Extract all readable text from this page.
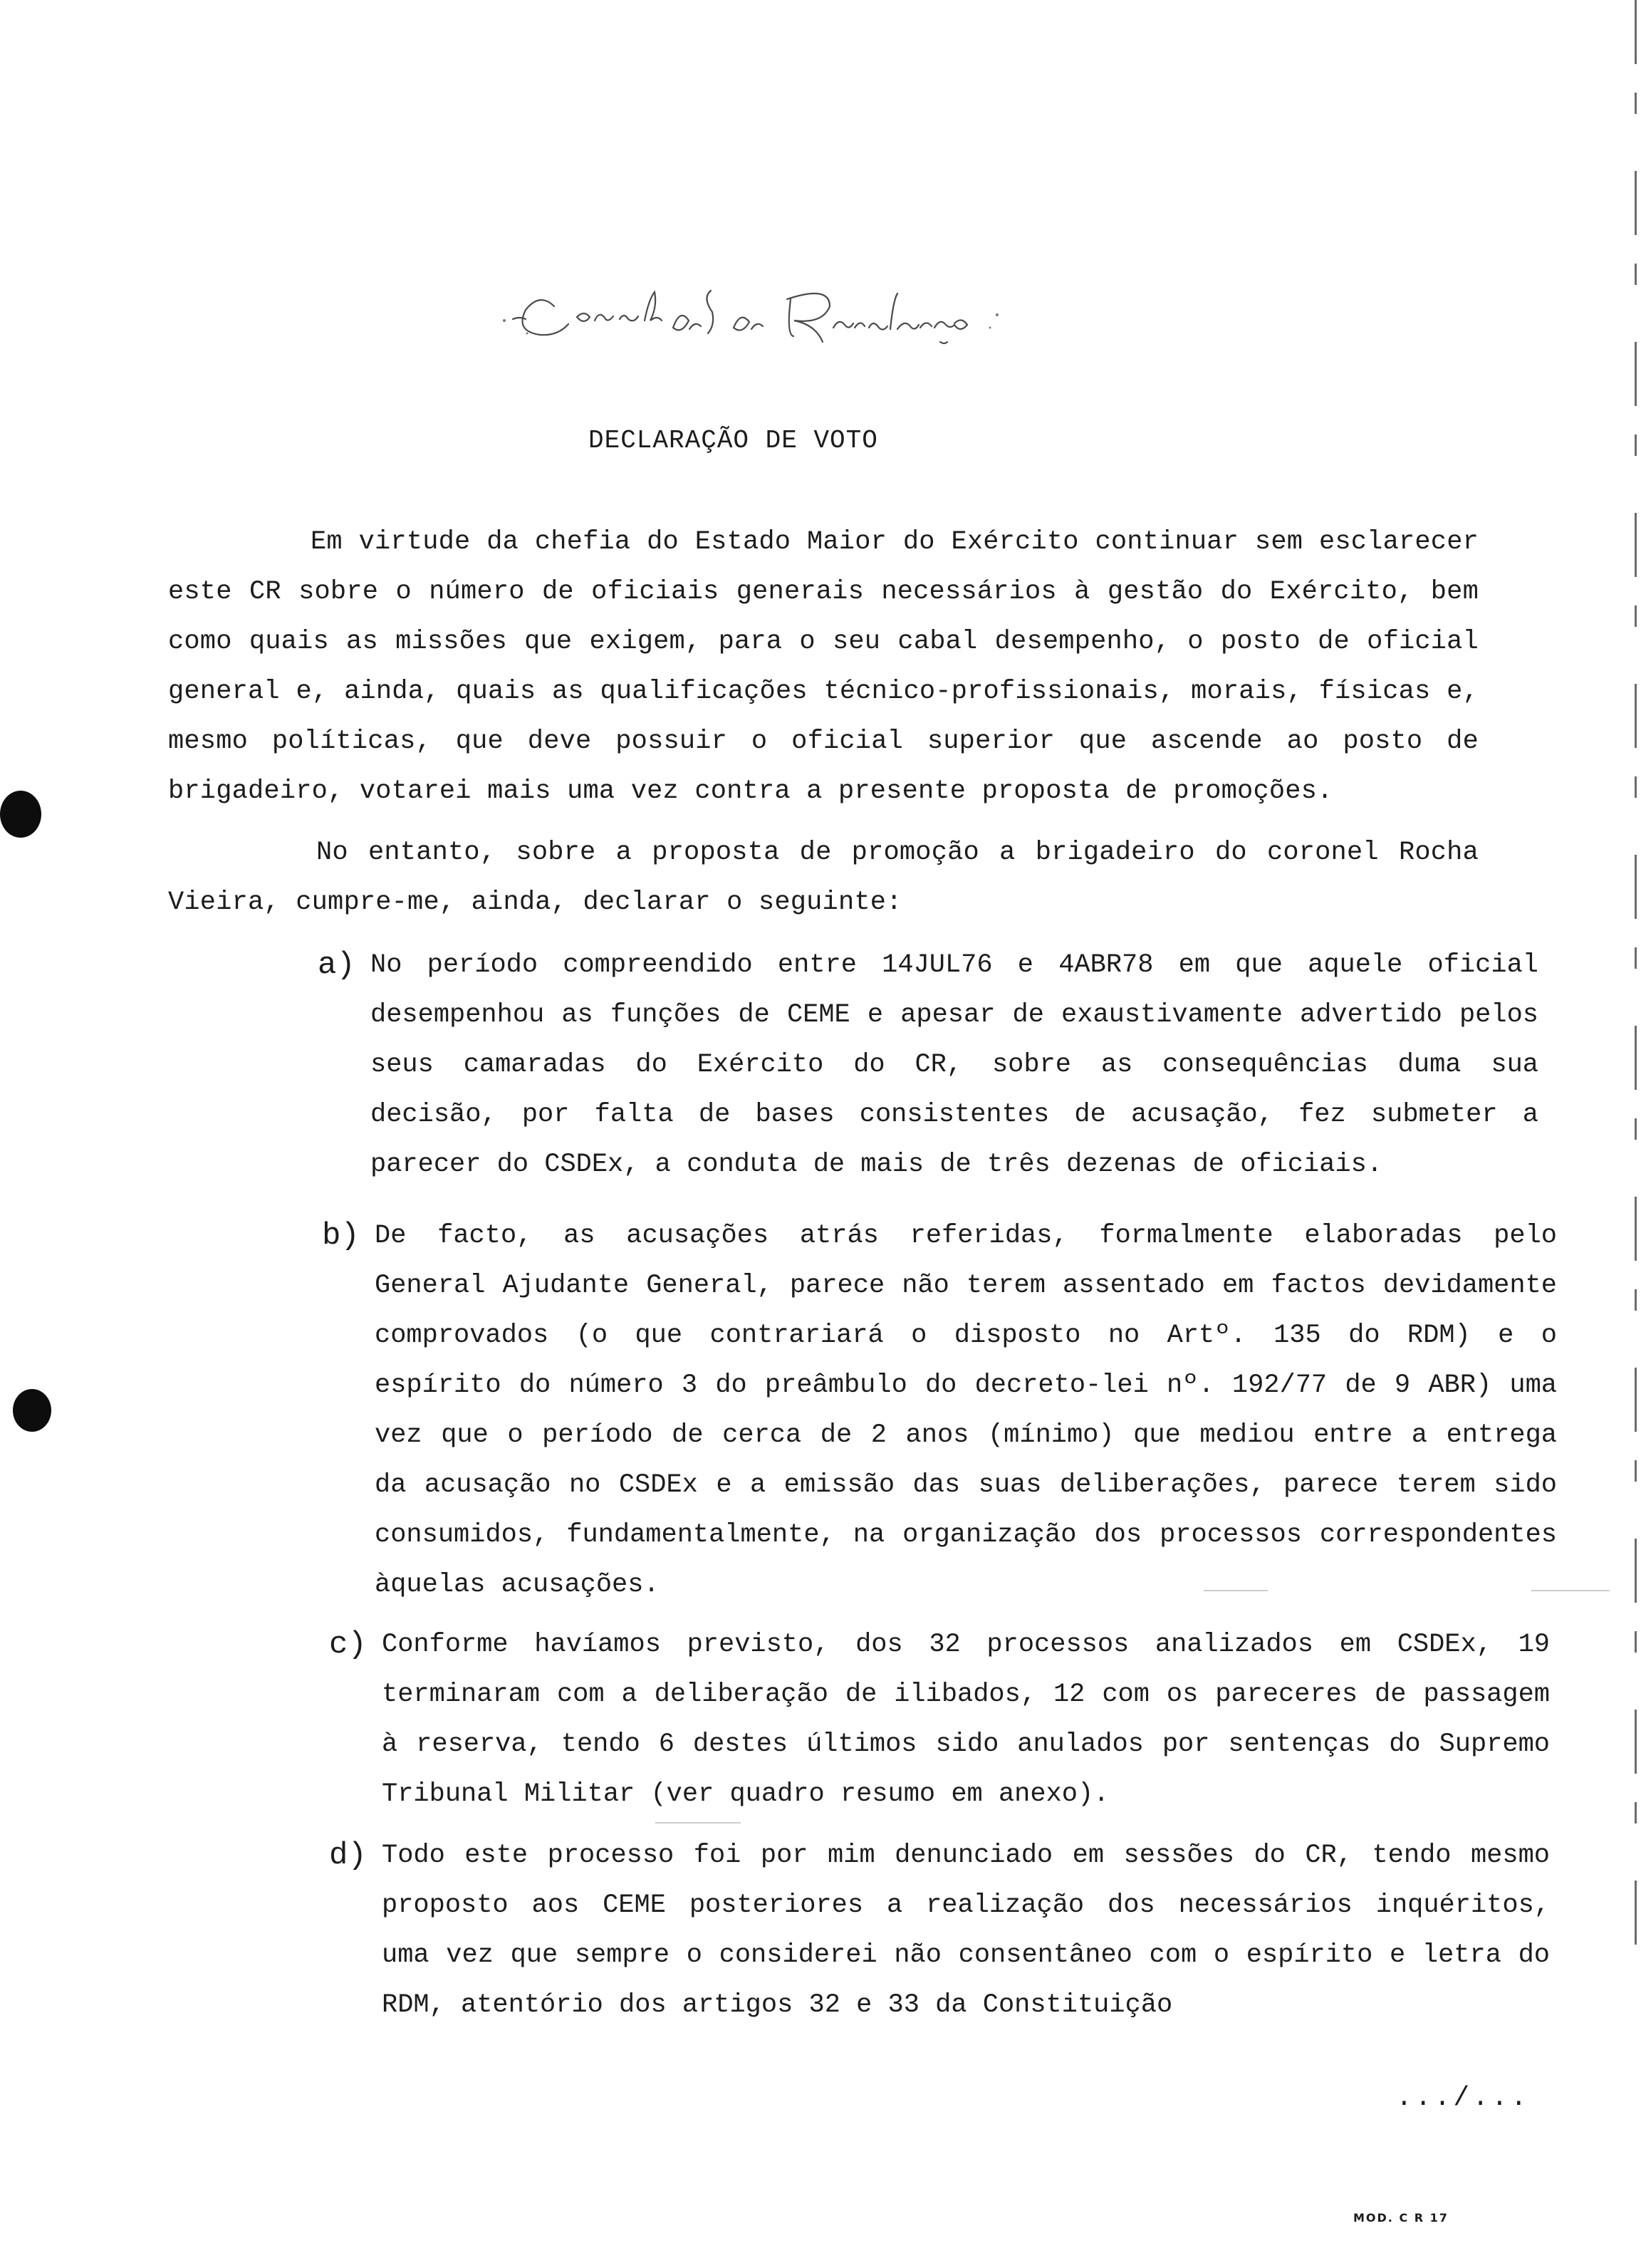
DECLARAÇÃO DE VOTO

Em virtude da chefia do Estado Maior do Exército continuar sem esclarecer este CR sobre o número de oficiais generais necessários à gestão do Exército, bem como quais as missões que exigem, para o seu cabal desempenho, o posto de oficial general e, ainda, quais as qualificações técnico-profissionais, morais, físicas e, mesmo políticas, que deve possuir o oficial superior que ascende ao posto de brigadeiro, votarei mais uma vez contra a presente proposta de promoções.

No entanto, sobre a proposta de promoção a brigadeiro do coronel Rocha Vieira, cumpre-me, ainda, declarar o seguinte:

a) No período compreendido entre 14JUL76 e 4ABR78 em que aquele oficial desempenhou as funções de CEME e apesar de exaustivamente advertido pelos seus camaradas do Exército do CR, sobre as consequências duma sua decisão, por falta de bases consistentes de acusação, fez submeter a parecer do CSDEx, a conduta de mais de três dezenas de oficiais.

b) De facto, as acusações atrás referidas, formalmente elaboradas pelo General Ajudante General, parece não terem assentado em factos devidamente comprovados (o que contrariará o disposto no Artº. 135 do RDM) e o espírito do número 3 do preâmbulo do decreto-lei nº. 192/77 de 9 ABR) uma vez que o período de cerca de 2 anos (mínimo) que mediou entre a entrega da acusação no CSDEx e a emissão das suas deliberações, parece terem sido consumidos, fundamentalmente, na organização dos processos correspondentes àquelas acusações.

c) Conforme havíamos previsto, dos 32 processos analizados em CSDEx, 19 terminaram com a deliberação de ilibados, 12 com os pareceres de passagem à reserva, tendo 6 destes últimos sido anulados por sentenças do Supremo Tribunal Militar (ver quadro resumo em anexo).

d) Todo este processo foi por mim denunciado em sessões do CR, tendo mesmo proposto aos CEME posteriores a realização dos necessários inquéritos, uma vez que sempre o considerei não consentâneo com o espírito e letra do RDM, atentório dos artigos 32 e 33 da Constituição

.../...
MOD. C R 17
